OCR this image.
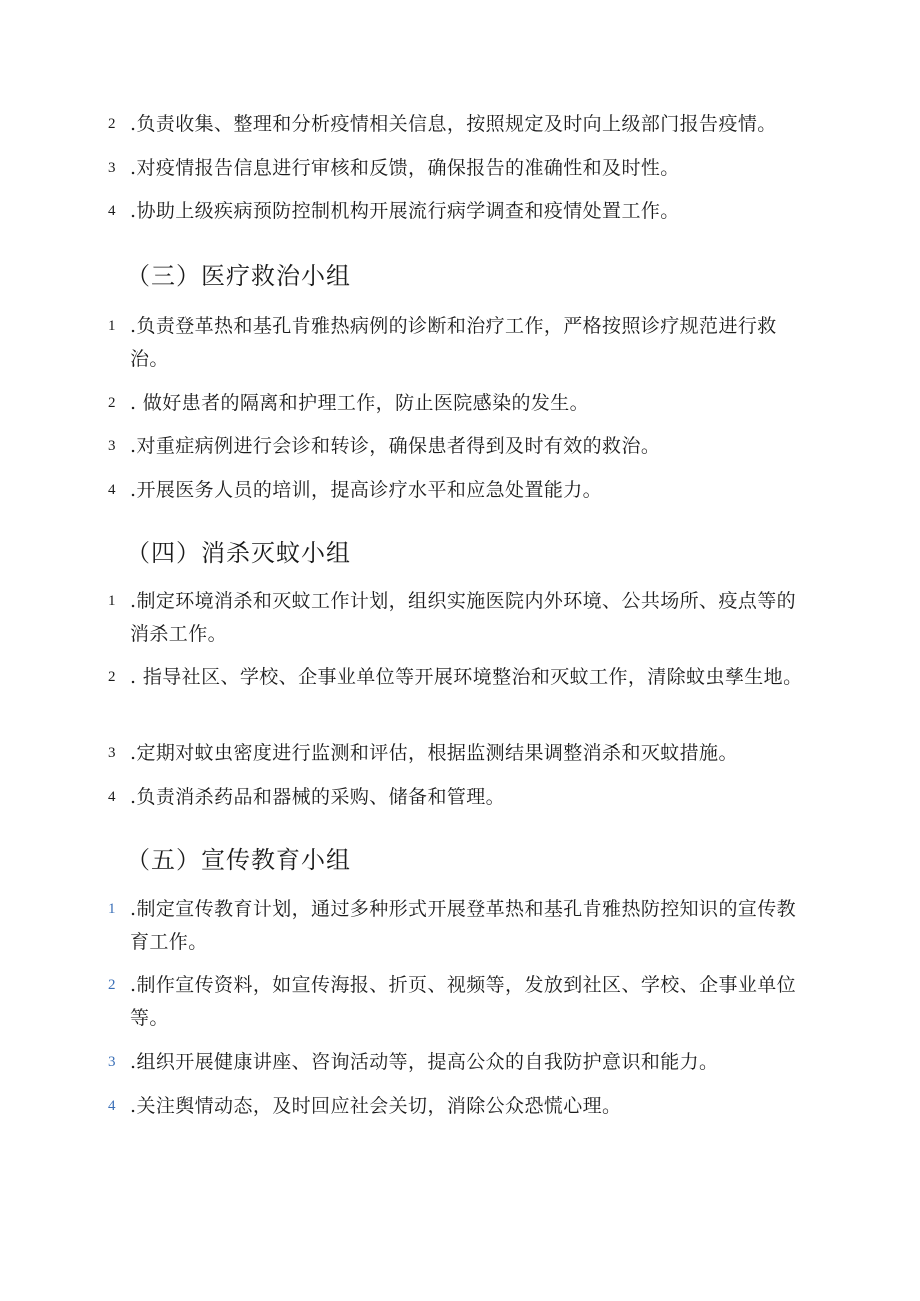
2 .负责收集、整理和分析疫情相关信息，按照规定及时向上级部门报告疫情。
3 .对疫情报告信息进行审核和反馈，确保报告的准确性和及时性。
4 .协助上级疾病预防控制机构开展流行病学调查和疫情处置工作。
（三）医疗救治小组
1 .负责登革热和基孔肯雅热病例的诊断和治疗工作，严格按照诊疗规范进行救治。
2 . 做好患者的隔离和护理工作，防止医院感染的发生。
3 .对重症病例进行会诊和转诊，确保患者得到及时有效的救治。
4 .开展医务人员的培训，提高诊疗水平和应急处置能力。
（四）消杀灭蚊小组
1 .制定环境消杀和灭蚊工作计划，组织实施医院内外环境、公共场所、疫点等的消杀工作。
2 . 指导社区、学校、企事业单位等开展环境整治和灭蚊工作，清除蚊虫孳生地。
3 .定期对蚊虫密度进行监测和评估，根据监测结果调整消杀和灭蚊措施。
4 .负责消杀药品和器械的采购、储备和管理。
（五）宣传教育小组
1 .制定宣传教育计划，通过多种形式开展登革热和基孔肯雅热防控知识的宣传教育工作。
2 .制作宣传资料，如宣传海报、折页、视频等，发放到社区、学校、企事业单位等。
3 .组织开展健康讲座、咨询活动等，提高公众的自我防护意识和能力。
4 .关注舆情动态，及时回应社会关切，消除公众恐慌心理。
